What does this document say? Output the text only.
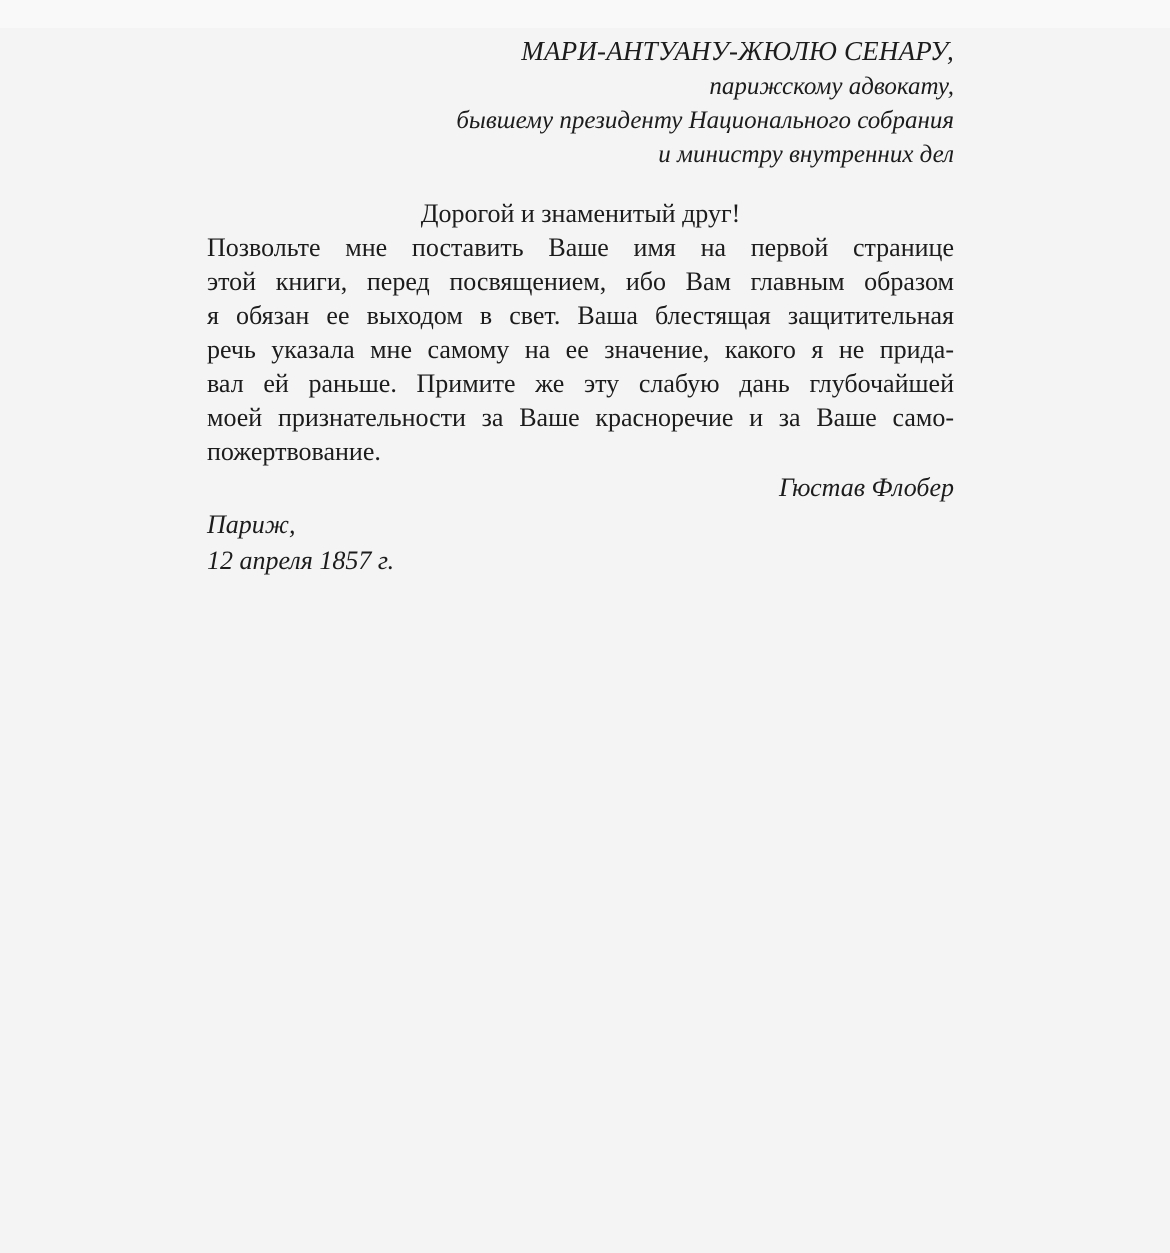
МАРИ-АНТУАНУ-ЖЮЛЮ СЕНАРУ,
парижскому адвокату,
бывшему президенту Национального собрания
и министру внутренних дел
Дорогой и знаменитый друг!
Позвольте мне поставить Ваше имя на первой странице
этой книги, перед посвящением, ибо Вам главным образом
я обязан ее выходом в свет. Ваша блестящая защитительная
речь указала мне самому на ее значение, какого я не прида-
вал ей раньше. Примите же эту слабую дань глубочайшей
моей признательности за Ваше красноречие и за Ваше само-
пожертвование.
Гюстав Флобер
Париж,
12 апреля 1857 г.
